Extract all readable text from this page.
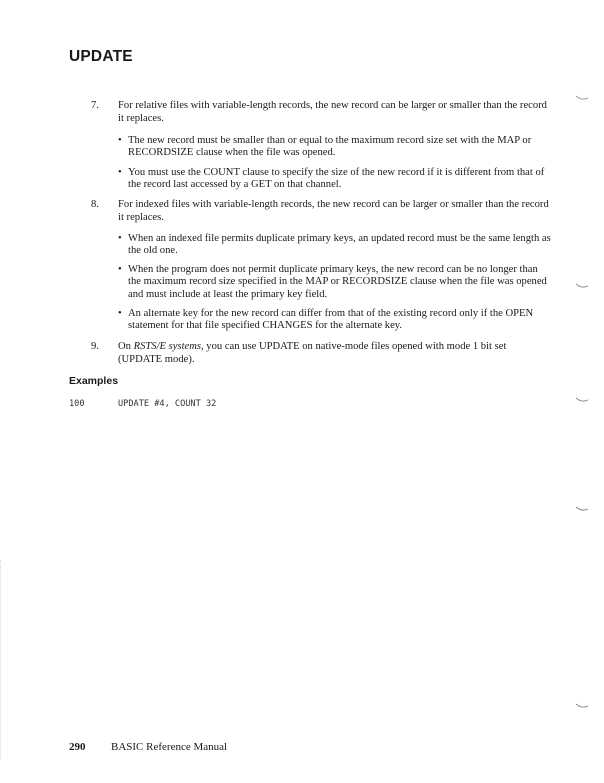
UPDATE
7. For relative files with variable-length records, the new record can be larger or smaller than the record it replaces.
• The new record must be smaller than or equal to the maximum record size set with the MAP or RECORDSIZE clause when the file was opened.
• You must use the COUNT clause to specify the size of the new record if it is different from that of the record last accessed by a GET on that channel.
8. For indexed files with variable-length records, the new record can be larger or smaller than the record it replaces.
• When an indexed file permits duplicate primary keys, an updated record must be the same length as the old one.
• When the program does not permit duplicate primary keys, the new record can be no longer than the maximum record size specified in the MAP or RECORDSIZE clause when the file was opened and must include at least the primary key field.
• An alternate key for the new record can differ from that of the existing record only if the OPEN statement for that file specified CHANGES for the alternate key.
9. On RSTS/E systems, you can use UPDATE on native-mode files opened with mode 1 bit set (UPDATE mode).
Examples

100

	UPDATE #4, COUNT 32

290 BASIC Reference Manual
